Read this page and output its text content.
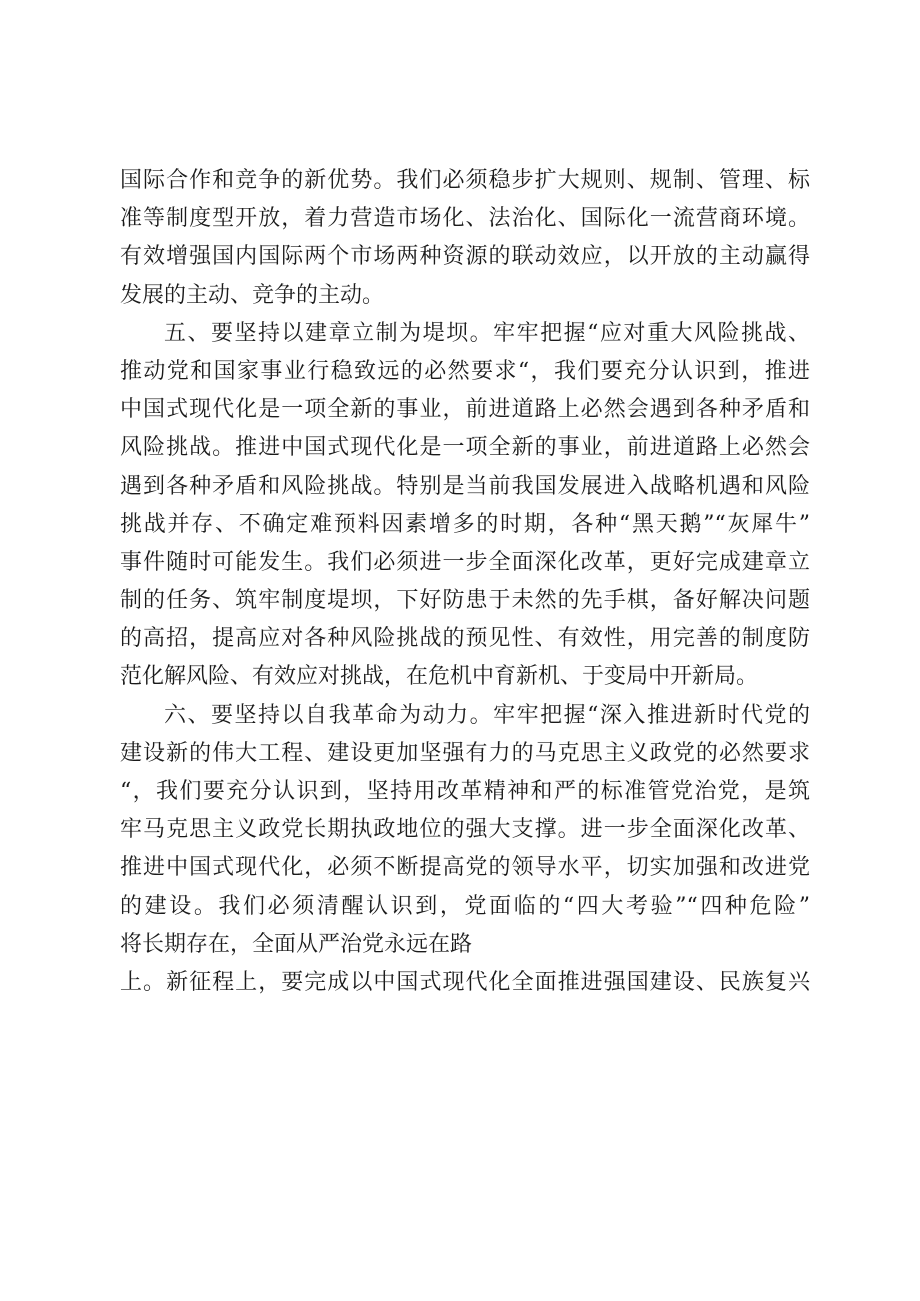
国际合作和竞争的新优势。我们必须稳步扩大规则、规制、管理、标
准等制度型开放，着力营造市场化、法治化、国际化一流营商环境。
有效增强国内国际两个市场两种资源的联动效应，以开放的主动赢得
发展的主动、竞争的主动。
五、要坚持以建章立制为堤坝。牢牢把握“应对重大风险挑战、
推动党和国家事业行稳致远的必然要求“，我们要充分认识到，推进
中国式现代化是一项全新的事业，前进道路上必然会遇到各种矛盾和
风险挑战。推进中国式现代化是一项全新的事业，前进道路上必然会
遇到各种矛盾和风险挑战。特别是当前我国发展进入战略机遇和风险
挑战并存、不确定难预料因素增多的时期，各种“黑天鹅”“灰犀牛”
事件随时可能发生。我们必须进一步全面深化改革，更好完成建章立
制的任务、筑牢制度堤坝，下好防患于未然的先手棋，备好解决问题
的高招，提高应对各种风险挑战的预见性、有效性，用完善的制度防
范化解风险、有效应对挑战，在危机中育新机、于变局中开新局。
六、要坚持以自我革命为动力。牢牢把握“深入推进新时代党的
建设新的伟大工程、建设更加坚强有力的马克思主义政党的必然要求
“，我们要充分认识到，坚持用改革精神和严的标准管党治党，是筑
牢马克思主义政党长期执政地位的强大支撑。进一步全面深化改革、
推进中国式现代化，必须不断提高党的领导水平，切实加强和改进党
的建设。我们必须清醒认识到，党面临的“四大考验”“四种危险”
将长期存在，全面从严治党永远在路
上。新征程上，要完成以中国式现代化全面推进强国建设、民族复兴
